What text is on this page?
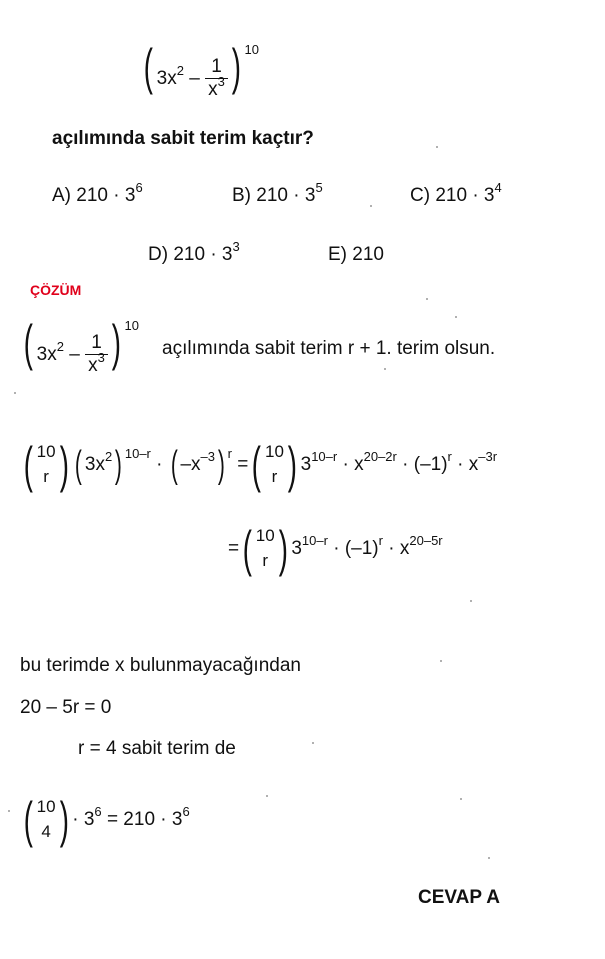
( $3x^2 - \frac{1}{x^3}$ ) $^{10}$
açılımında sabit terim kaçtır?
A) $210 \cdot 3^6$	B) $210 \cdot 3^5$	C) $210 \cdot 3^4$
D) $210 \cdot 3^3$	E) 210
ÇÖZÜM
( $3x^2 - \frac{1}{x^3}$ ) $^{10}$
açılımında sabit terim r + 1. terim olsun.
( 10
r ) ( 3x 2 ) 10–r

·
( –x –3 ) r

= ( 10
r ) 3 10–r
· x 20–2r
· (–1) r
· x –3r
= ( 10
r ) 3 10–r
· (–1) r
· x 20–5r
bu terimde x bulunmayacağından
20 – 5r = 0
r = 4 sabit terim de
( 10
4 ) · 3 6
= 210 · 3 6
CEVAP A
